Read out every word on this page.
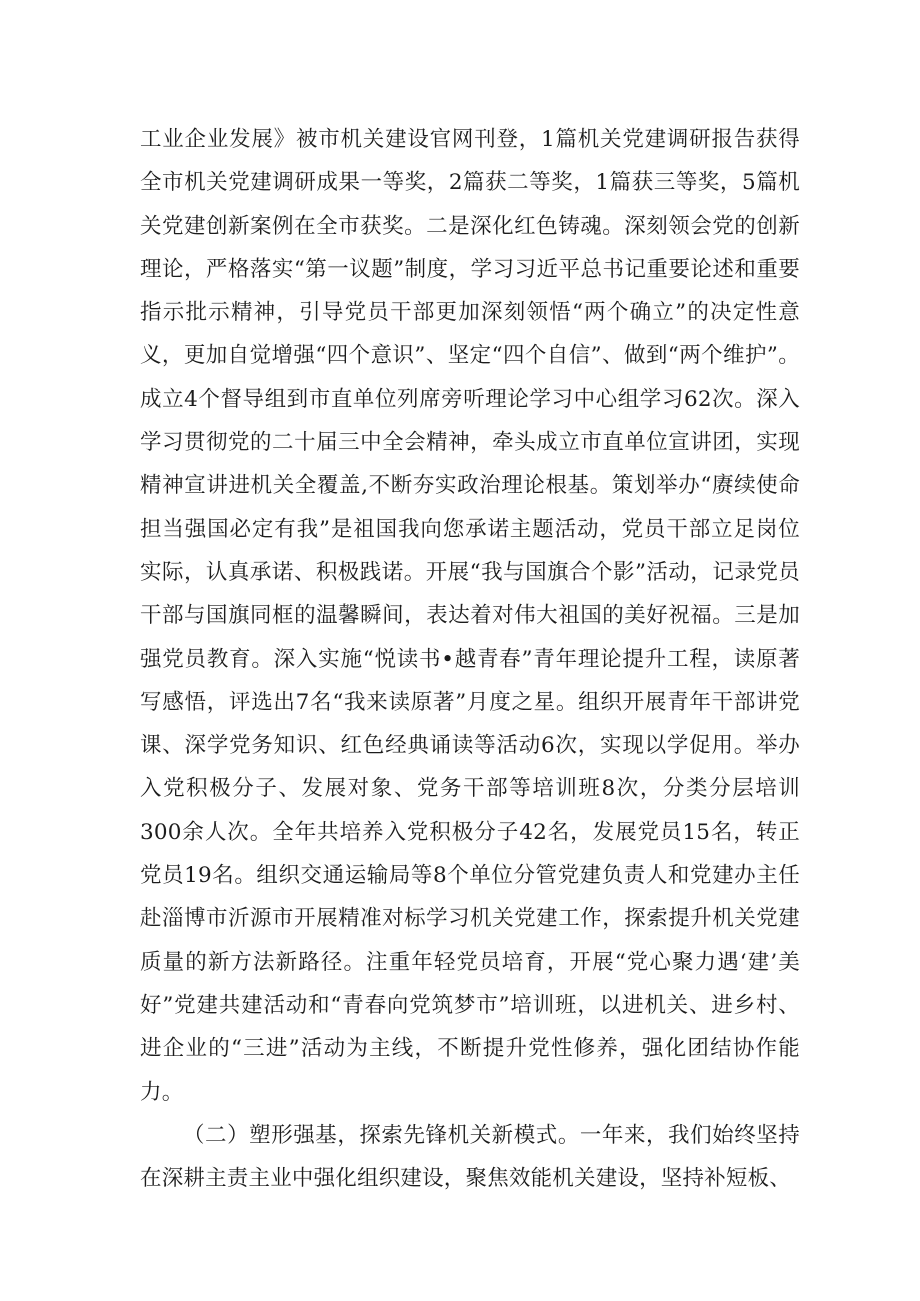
工业企业发展》被市机关建设官网刊登，1篇机关党建调研报告获得全市机关党建调研成果一等奖，2篇获二等奖，1篇获三等奖，5篇机关党建创新案例在全市获奖。二是深化红色铸魂。深刻领会党的创新理论，严格落实“第一议题”制度，学习习近平总书记重要论述和重要指示批示精神，引导党员干部更加深刻领悟“两个确立”的决定性意义，更加自觉增强“四个意识”、坚定“四个自信”、做到“两个维护”。成立4个督导组到市直单位列席旁听理论学习中心组学习62次。深入学习贯彻党的二十届三中全会精神，牵头成立市直单位宣讲团，实现精神宣讲进机关全覆盖,不断夯实政治理论根基。策划举办“赓续使命担当强国必定有我”是祖国我向您承诺主题活动，党员干部立足岗位实际，认真承诺、积极践诺。开展“我与国旗合个影”活动，记录党员干部与国旗同框的温馨瞬间，表达着对伟大祖国的美好祝福。三是加强党员教育。深入实施“悦读书•越青春”青年理论提升工程，读原著写感悟，评选出7名“我来读原著”月度之星。组织开展青年干部讲党课、深学党务知识、红色经典诵读等活动6次，实现以学促用。举办入党积极分子、发展对象、党务干部等培训班8次，分类分层培训300余人次。全年共培养入党积极分子42名，发展党员15名，转正党员19名。组织交通运输局等8个单位分管党建负责人和党建办主任赴淄博市沂源市开展精准对标学习机关党建工作，探索提升机关党建质量的新方法新路径。注重年轻党员培育，开展“党心聚力遇‘建’美好”党建共建活动和“青春向党筑梦市”培训班，以进机关、进乡村、进企业的“三进”活动为主线，不断提升党性修养，强化团结协作能力。

（二）塑形强基，探索先锋机关新模式。一年来，我们始终坚持在深耕主责主业中强化组织建设，聚焦效能机关建设，坚持补短板、
